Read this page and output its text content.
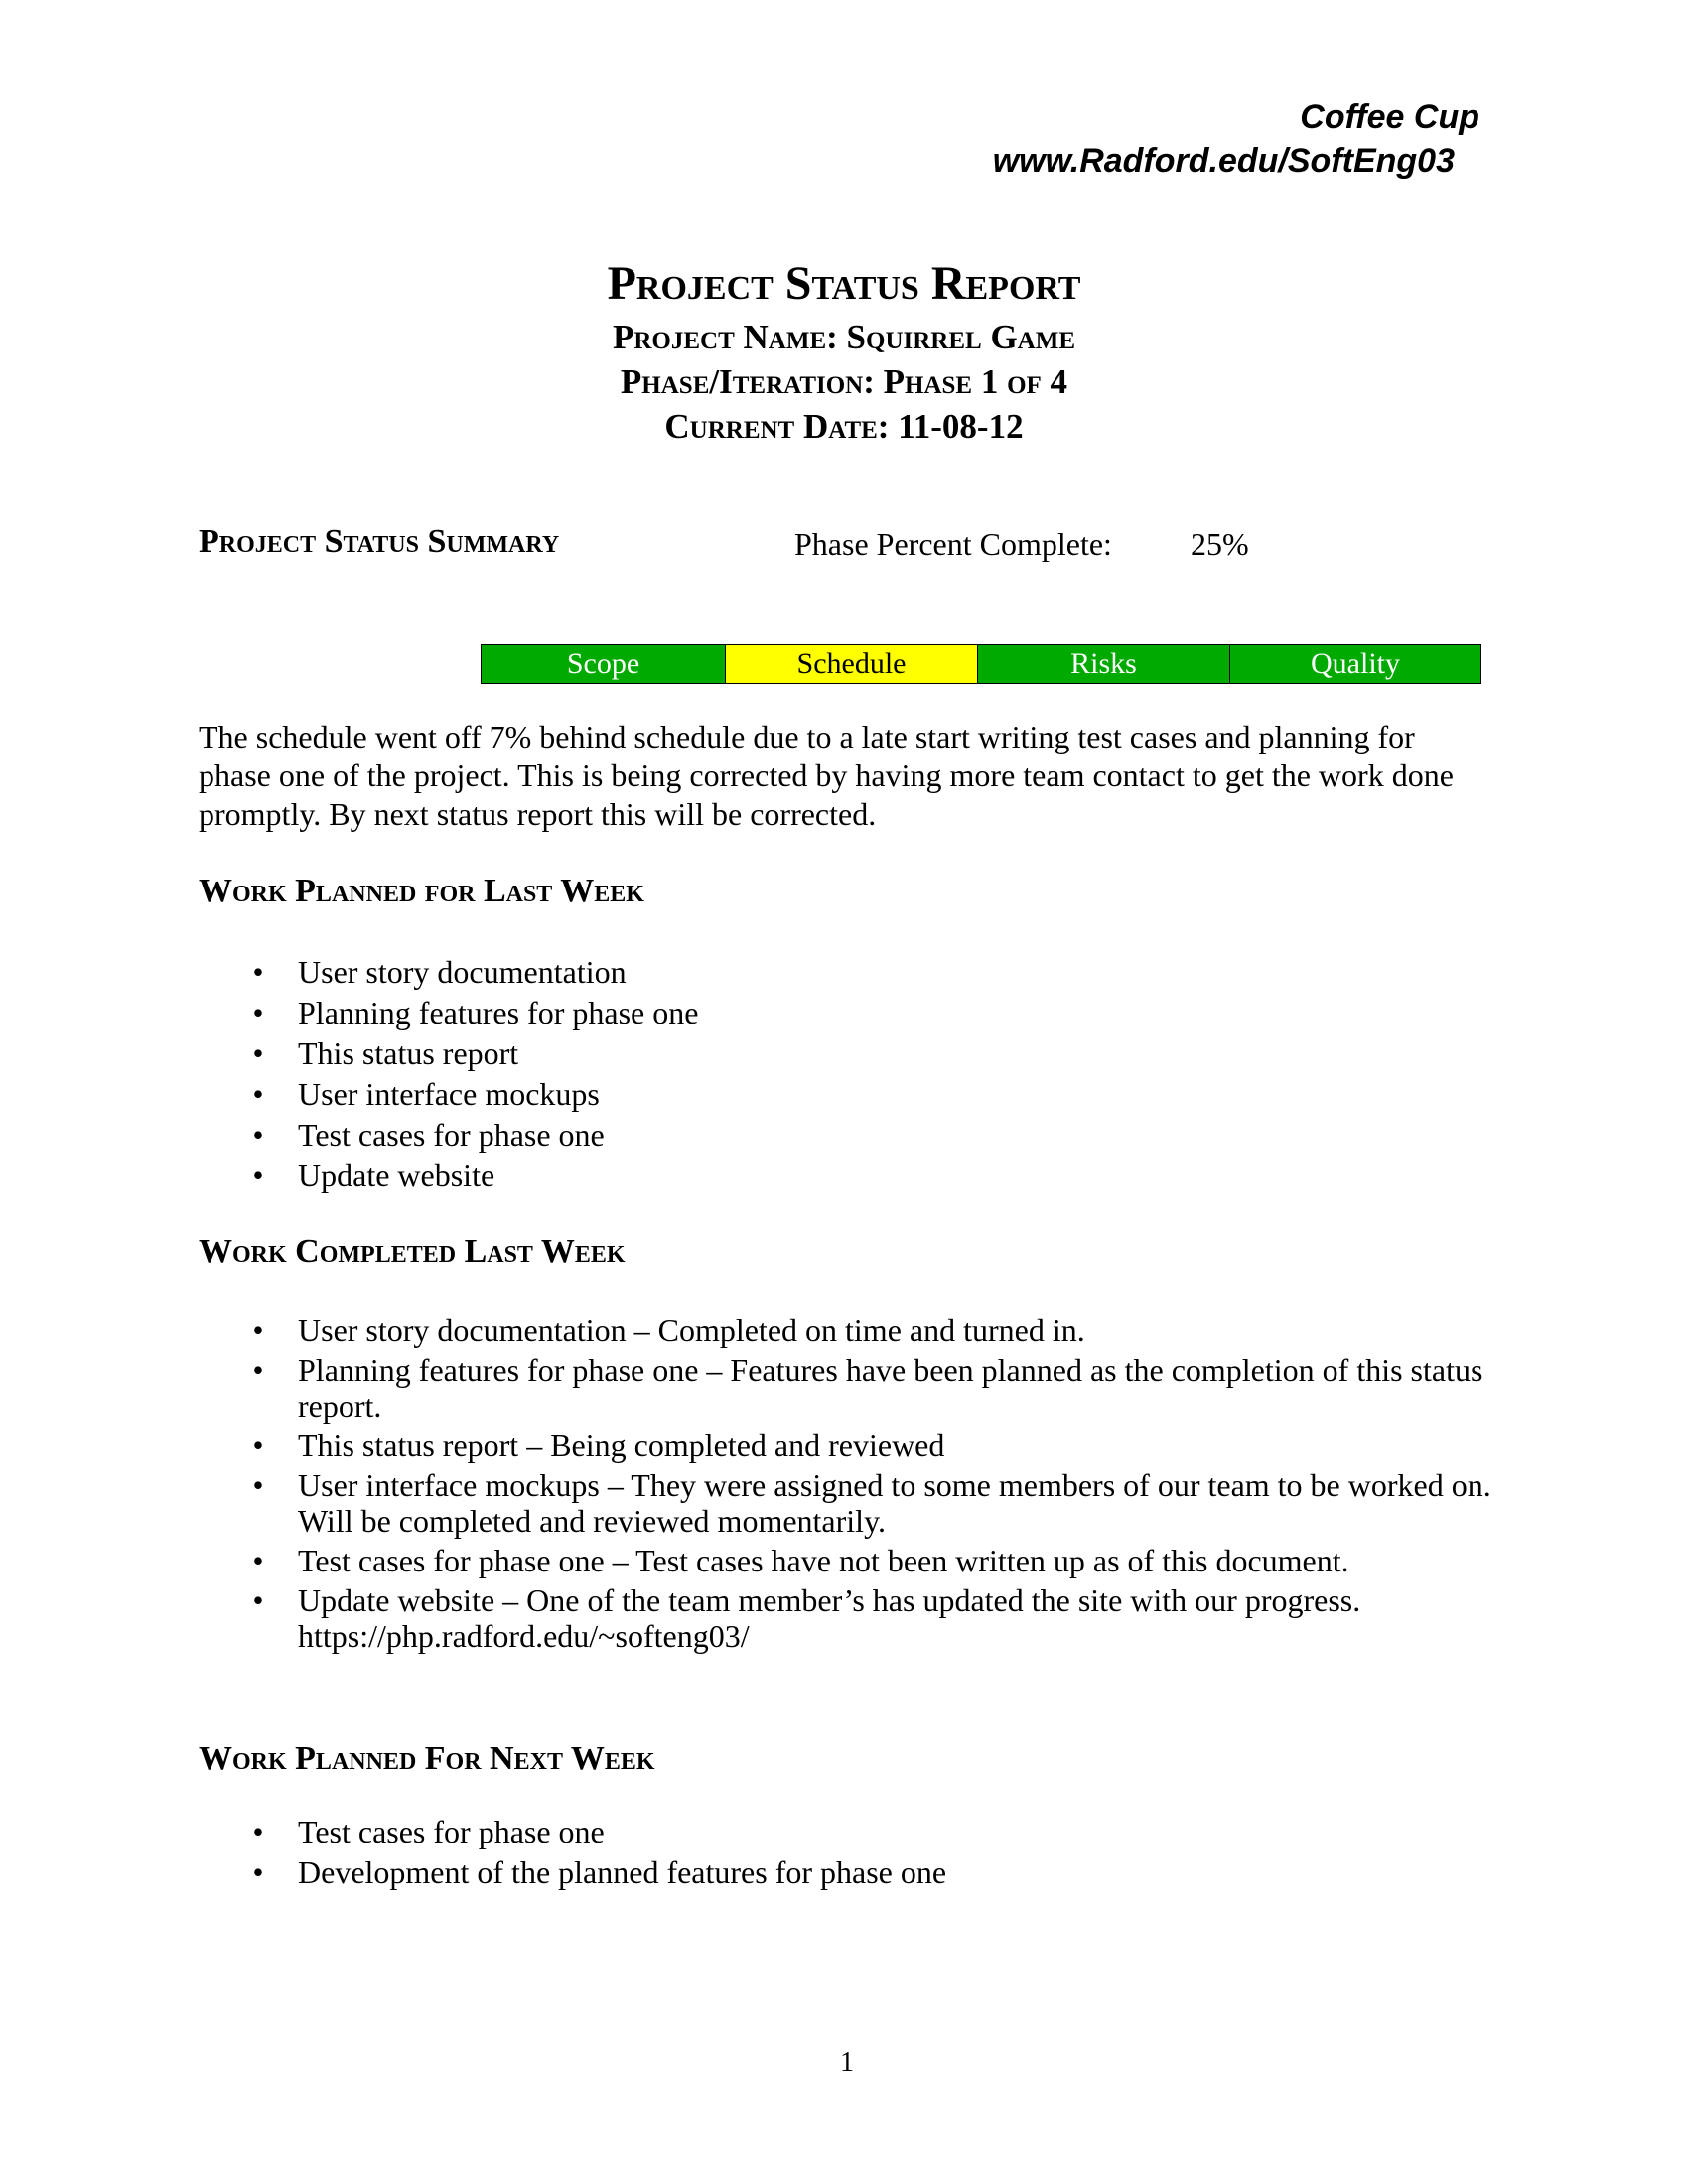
Coffee Cup
www.Radford.edu/SoftEng03
Project Status Report
Project Name: Squirrel Game
Phase/Iteration: Phase 1 of 4
Current Date: 11-08-12
Project Status Summary	Phase Percent Complete: 25%
Scope	Schedule	Risks	Quality
The schedule went off 7% behind schedule due to a late start writing test cases and planning for phase one of the project. This is being corrected by having more team contact to get the work done promptly. By next status report this will be corrected.
Work Planned for Last Week
• User story documentation
• Planning features for phase one
• This status report
• User interface mockups
• Test cases for phase one
• Update website
Work Completed Last Week
• User story documentation – Completed on time and turned in.
• Planning features for phase one – Features have been planned as the completion of this status report.
• This status report – Being completed and reviewed
• User interface mockups – They were assigned to some members of our team to be worked on. Will be completed and reviewed momentarily.
• Test cases for phase one – Test cases have not been written up as of this document.
• Update website – One of the team member’s has updated the site with our progress. https://php.radford.edu/~softeng03/
Work Planned For Next Week
• Test cases for phase one
• Development of the planned features for phase one
1
